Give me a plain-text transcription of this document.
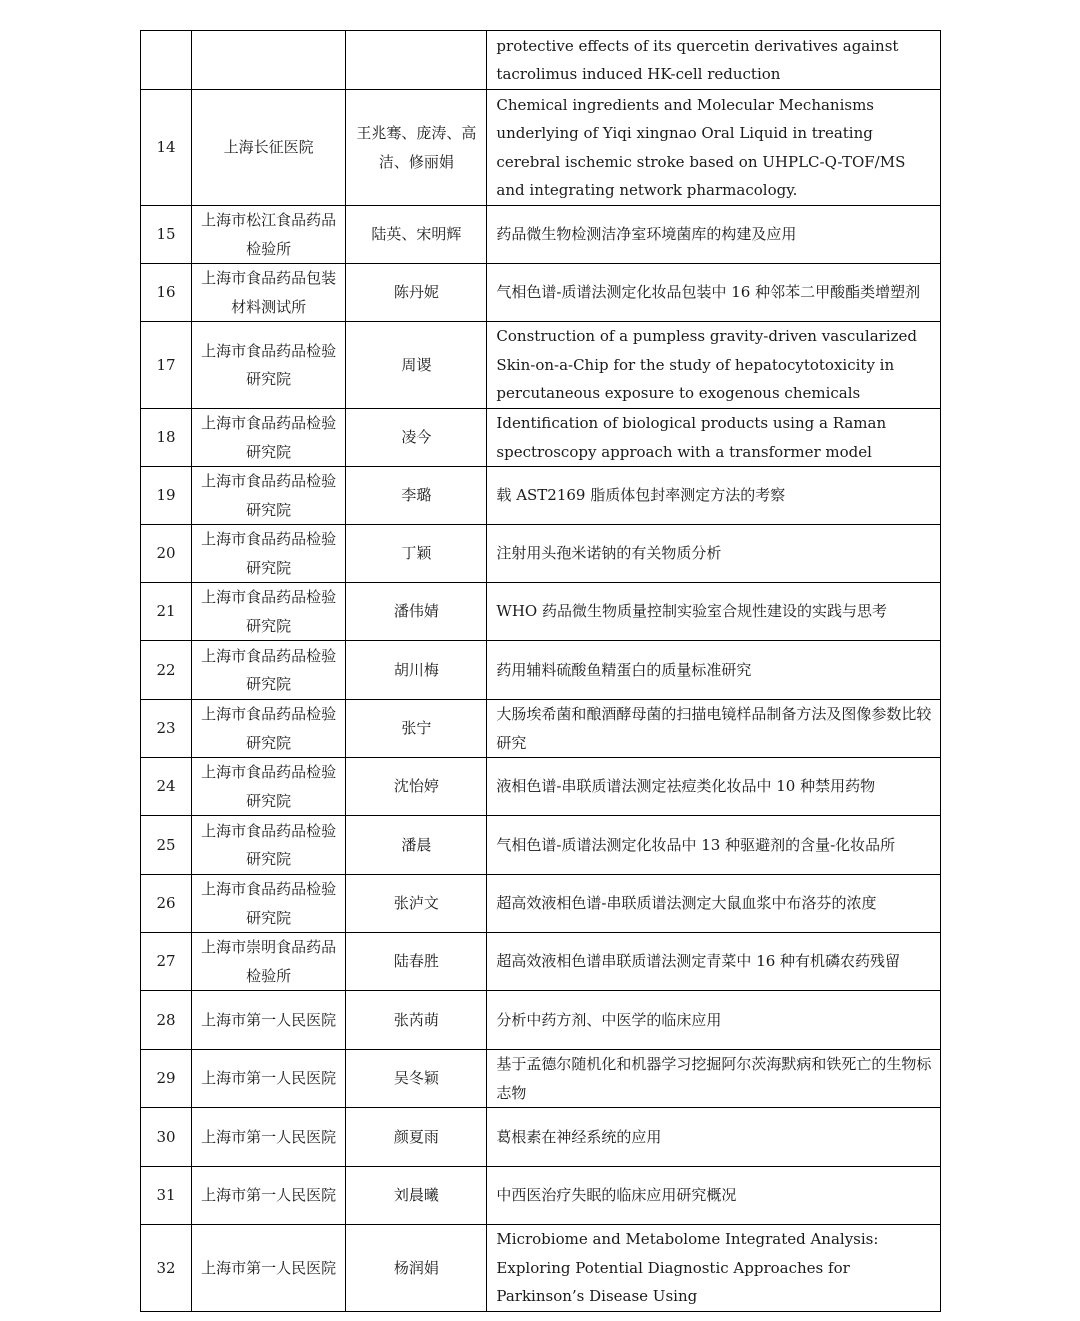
			protective effects of its quercetin derivatives against tacrolimus induced HK-cell reduction

14	上海长征医院	王兆骞、庞涛、高洁、修丽娟	Chemical ingredients and Molecular Mechanisms underlying of Yiqi xingnao Oral Liquid in treating cerebral ischemic stroke based on UHPLC-Q-TOF/MS and integrating network pharmacology.

15	上海市松江食品药品检验所	陆英、宋明辉	药品微生物检测洁净室环境菌库的构建及应用

16	上海市食品药品包装材料测试所	陈丹妮	气相色谱-质谱法测定化妆品包装中 16 种邻苯二甲酸酯类增塑剂

17	上海市食品药品检验研究院	周谡	Construction of a pumpless gravity-driven vascularized Skin-on-a-Chip for the study of hepatocytotoxicity in percutaneous exposure to exogenous chemicals

18	上海市食品药品检验研究院	凌今	Identification of biological products using a Raman spectroscopy approach with a transformer model

19	上海市食品药品检验研究院	李璐	载 AST2169 脂质体包封率测定方法的考察

20	上海市食品药品检验研究院	丁颖	注射用头孢米诺钠的有关物质分析

21	上海市食品药品检验研究院	潘伟婧	WHO 药品微生物质量控制实验室合规性建设的实践与思考

22	上海市食品药品检验研究院	胡川梅	药用辅料硫酸鱼精蛋白的质量标准研究

23	上海市食品药品检验研究院	张宁	大肠埃希菌和酿酒酵母菌的扫描电镜样品制备方法及图像参数比较研究

24	上海市食品药品检验研究院	沈怡婷	液相色谱-串联质谱法测定祛痘类化妆品中 10 种禁用药物

25	上海市食品药品检验研究院	潘晨	气相色谱-质谱法测定化妆品中 13 种驱避剂的含量-化妆品所

26	上海市食品药品检验研究院	张泸文	超高效液相色谱-串联质谱法测定大鼠血浆中布洛芬的浓度

27	上海市崇明食品药品检验所	陆春胜	超高效液相色谱串联质谱法测定青菜中 16 种有机磷农药残留

28	上海市第一人民医院	张芮萌	分析中药方剂、中医学的临床应用

29	上海市第一人民医院	吴冬颖	基于孟德尔随机化和机器学习挖掘阿尔茨海默病和铁死亡的生物标志物

30	上海市第一人民医院	颜夏雨	葛根素在神经系统的应用

31	上海市第一人民医院	刘晨曦	中西医治疗失眠的临床应用研究概况

32	上海市第一人民医院	杨润娟	Microbiome and Metabolome Integrated Analysis: Exploring Potential Diagnostic Approaches for Parkinson’s Disease Using
